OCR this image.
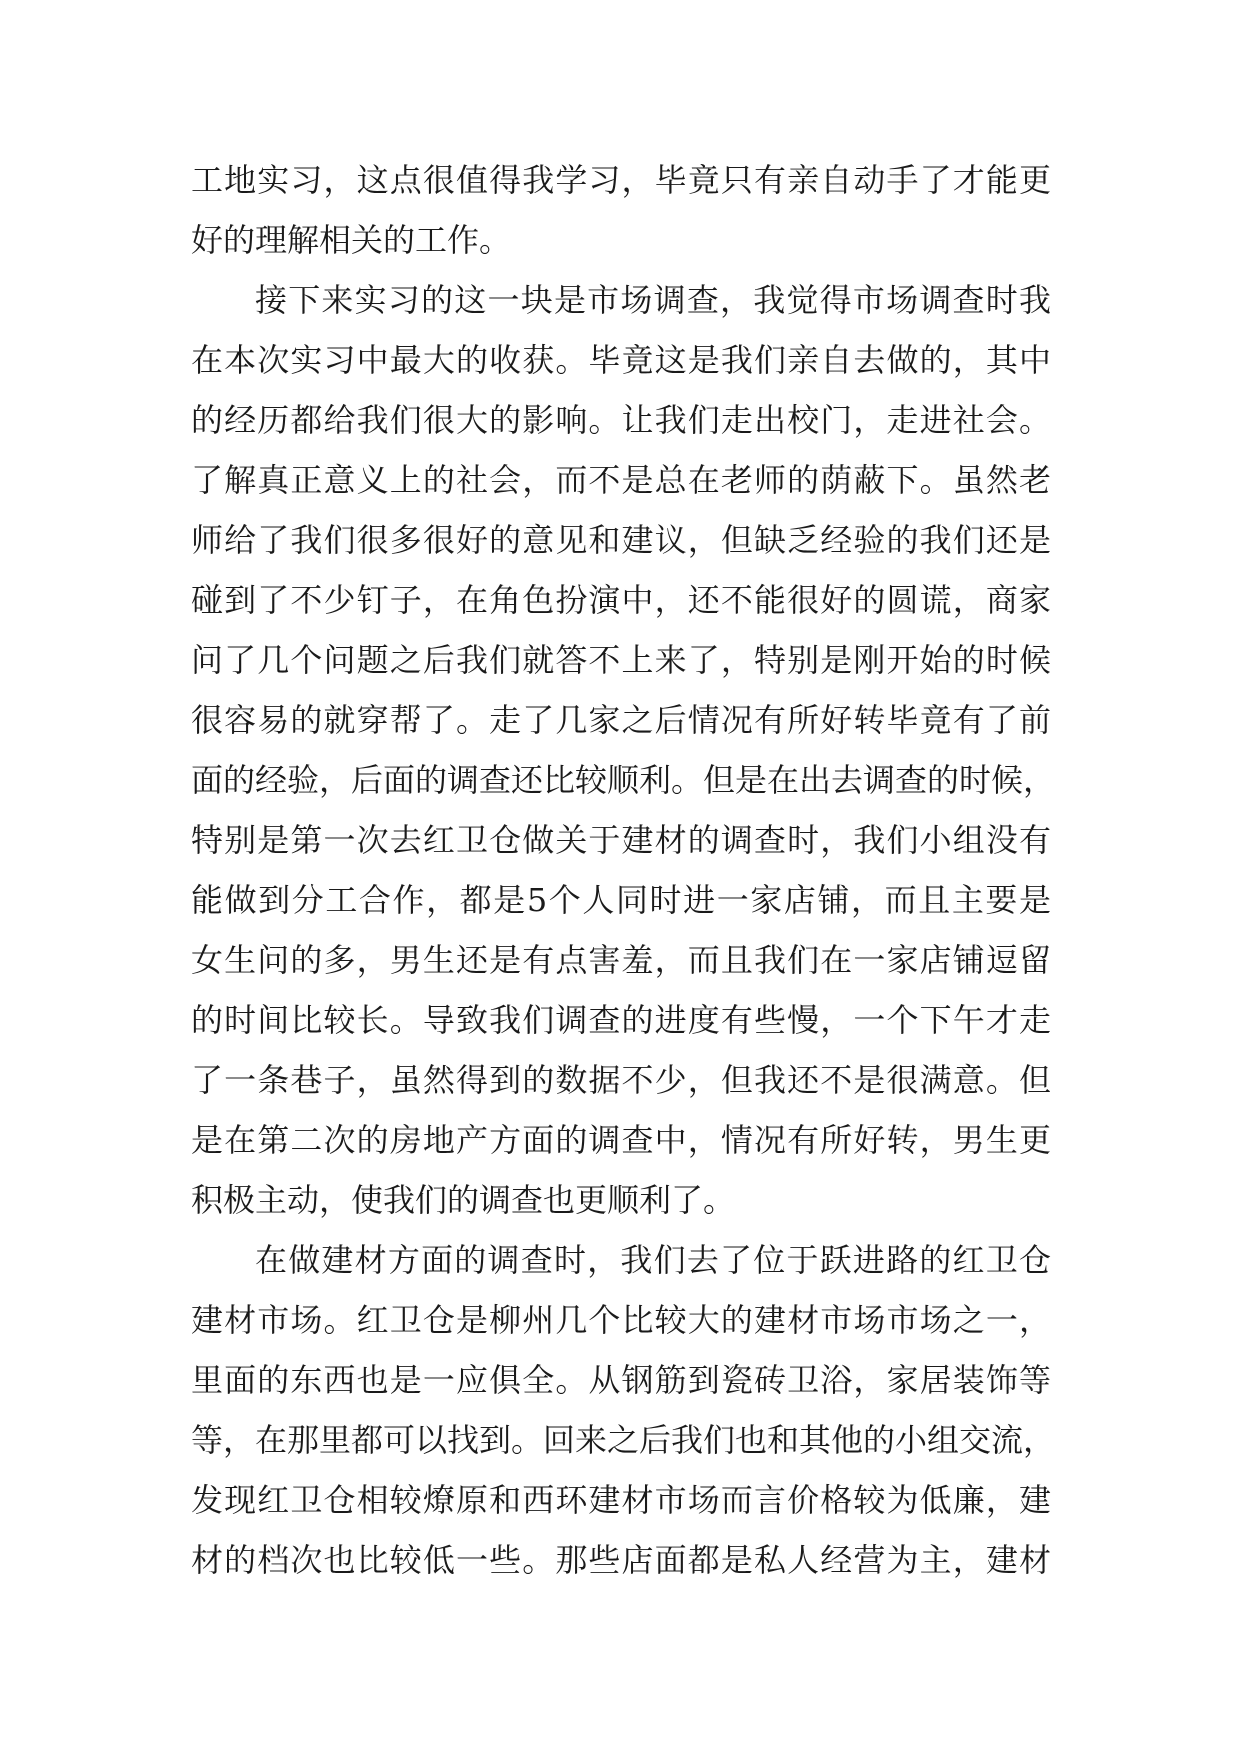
工地实习，这点很值得我学习，毕竟只有亲自动手了才能更
好的理解相关的工作。
接下来实习的这一块是市场调查，我觉得市场调查时我
在本次实习中最大的收获。毕竟这是我们亲自去做的，其中
的经历都给我们很大的影响。让我们走出校门，走进社会。
了解真正意义上的社会，而不是总在老师的荫蔽下。虽然老
师给了我们很多很好的意见和建议，但缺乏经验的我们还是
碰到了不少钉子，在角色扮演中，还不能很好的圆谎，商家
问了几个问题之后我们就答不上来了，特别是刚开始的时候
很容易的就穿帮了。走了几家之后情况有所好转毕竟有了前
面的经验，后面的调查还比较顺利。但是在出去调查的时候，
特别是第一次去红卫仓做关于建材的调查时，我们小组没有
能做到分工合作，都是5个人同时进一家店铺，而且主要是
女生问的多，男生还是有点害羞，而且我们在一家店铺逗留
的时间比较长。导致我们调查的进度有些慢，一个下午才走
了一条巷子，虽然得到的数据不少，但我还不是很满意。但
是在第二次的房地产方面的调查中，情况有所好转，男生更
积极主动，使我们的调查也更顺利了。
在做建材方面的调查时，我们去了位于跃进路的红卫仓
建材市场。红卫仓是柳州几个比较大的建材市场市场之一，
里面的东西也是一应俱全。从钢筋到瓷砖卫浴，家居装饰等
等，在那里都可以找到。回来之后我们也和其他的小组交流，
发现红卫仓相较燎原和西环建材市场而言价格较为低廉，建
材的档次也比较低一些。那些店面都是私人经营为主，建材
